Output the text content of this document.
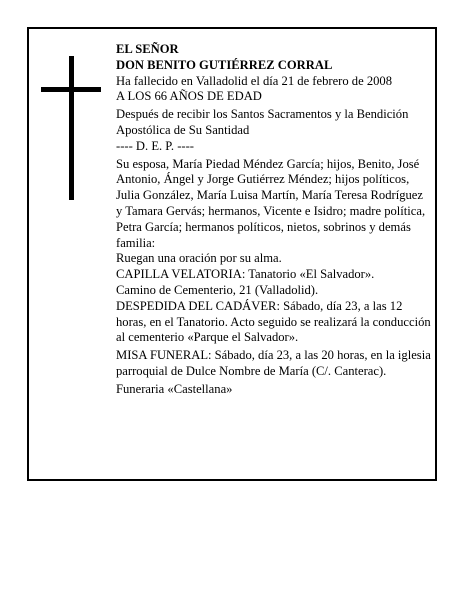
EL SEÑOR

DON BENITO GUTIÉRREZ CORRAL

Ha fallecido en Valladolid el día 21 de febrero de 2008

A LOS 66 AÑOS DE EDAD

Después de recibir los Santos Sacramentos y la Bendición Apostólica de Su Santidad

---- D. E. P. ----

Su esposa, María Piedad Méndez García; hijos, Benito, José Antonio, Ángel y Jorge Gutiérrez Méndez; hijos políticos, Julia González, María Luisa Martín, María Teresa Rodríguez y Tamara Gervás; hermanos, Vicente e Isidro; madre política, Petra García; hermanos políticos, nietos, sobrinos y demás familia:

Ruegan una oración por su alma.

CAPILLA VELATORIA: Tanatorio «El Salvador».

Camino de Cementerio, 21 (Valladolid).

DESPEDIDA DEL CADÁVER: Sábado, día 23, a las 12 horas, en el Tanatorio. Acto seguido se realizará la conducción al cementerio «Parque el Salvador».

MISA FUNERAL: Sábado, día 23, a las 20 horas, en la iglesia parroquial de Dulce Nombre de María (C/. Canterac).

Funeraria «Castellana»
